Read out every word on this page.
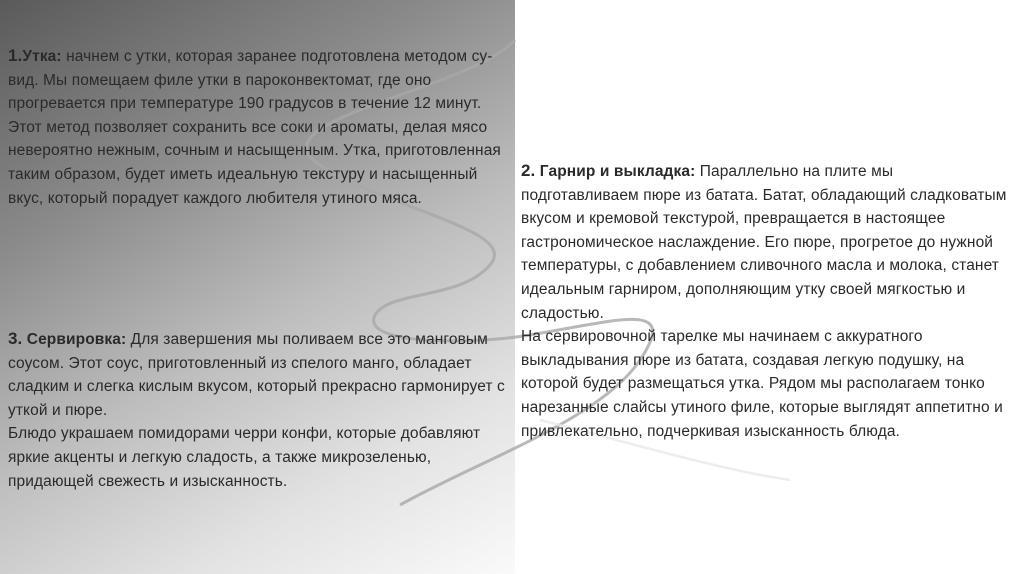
1.Утка: начнем с утки, которая заранее подготовлена методом су-вид. Мы помещаем филе утки в пароконвектомат, где оно прогревается при температуре 190 градусов в течение 12 минут. Этот метод позволяет сохранить все соки и ароматы, делая мясо невероятно нежным, сочным и насыщенным. Утка, приготовленная таким образом, будет иметь идеальную текстуру и насыщенный вкус, который порадует каждого любителя утиного мяса.

2. Гарнир и выкладка: Параллельно на плите мы подготавливаем пюре из батата. Батат, обладающий сладковатым вкусом и кремовой текстурой, превращается в настоящее гастрономическое наслаждение. Его пюре, прогретое до нужной температуры, с добавлением сливочного масла и молока, станет идеальным гарниром, дополняющим утку своей мягкостью и сладостью.

На сервировочной тарелке мы начинаем с аккуратного выкладывания пюре из батата, создавая легкую подушку, на которой будет размещаться утка. Рядом мы располагаем тонко нарезанные слайсы утиного филе, которые выглядят аппетитно и привлекательно, подчеркивая изысканность блюда.

3. Сервировка: Для завершения мы поливаем все это манговым соусом. Этот соус, приготовленный из спелого манго, обладает сладким и слегка кислым вкусом, который прекрасно гармонирует с уткой и пюре.

Блюдо украшаем помидорами черри конфи, которые добавляют яркие акценты и легкую сладость, а также микрозеленью, придающей свежесть и изысканность.
